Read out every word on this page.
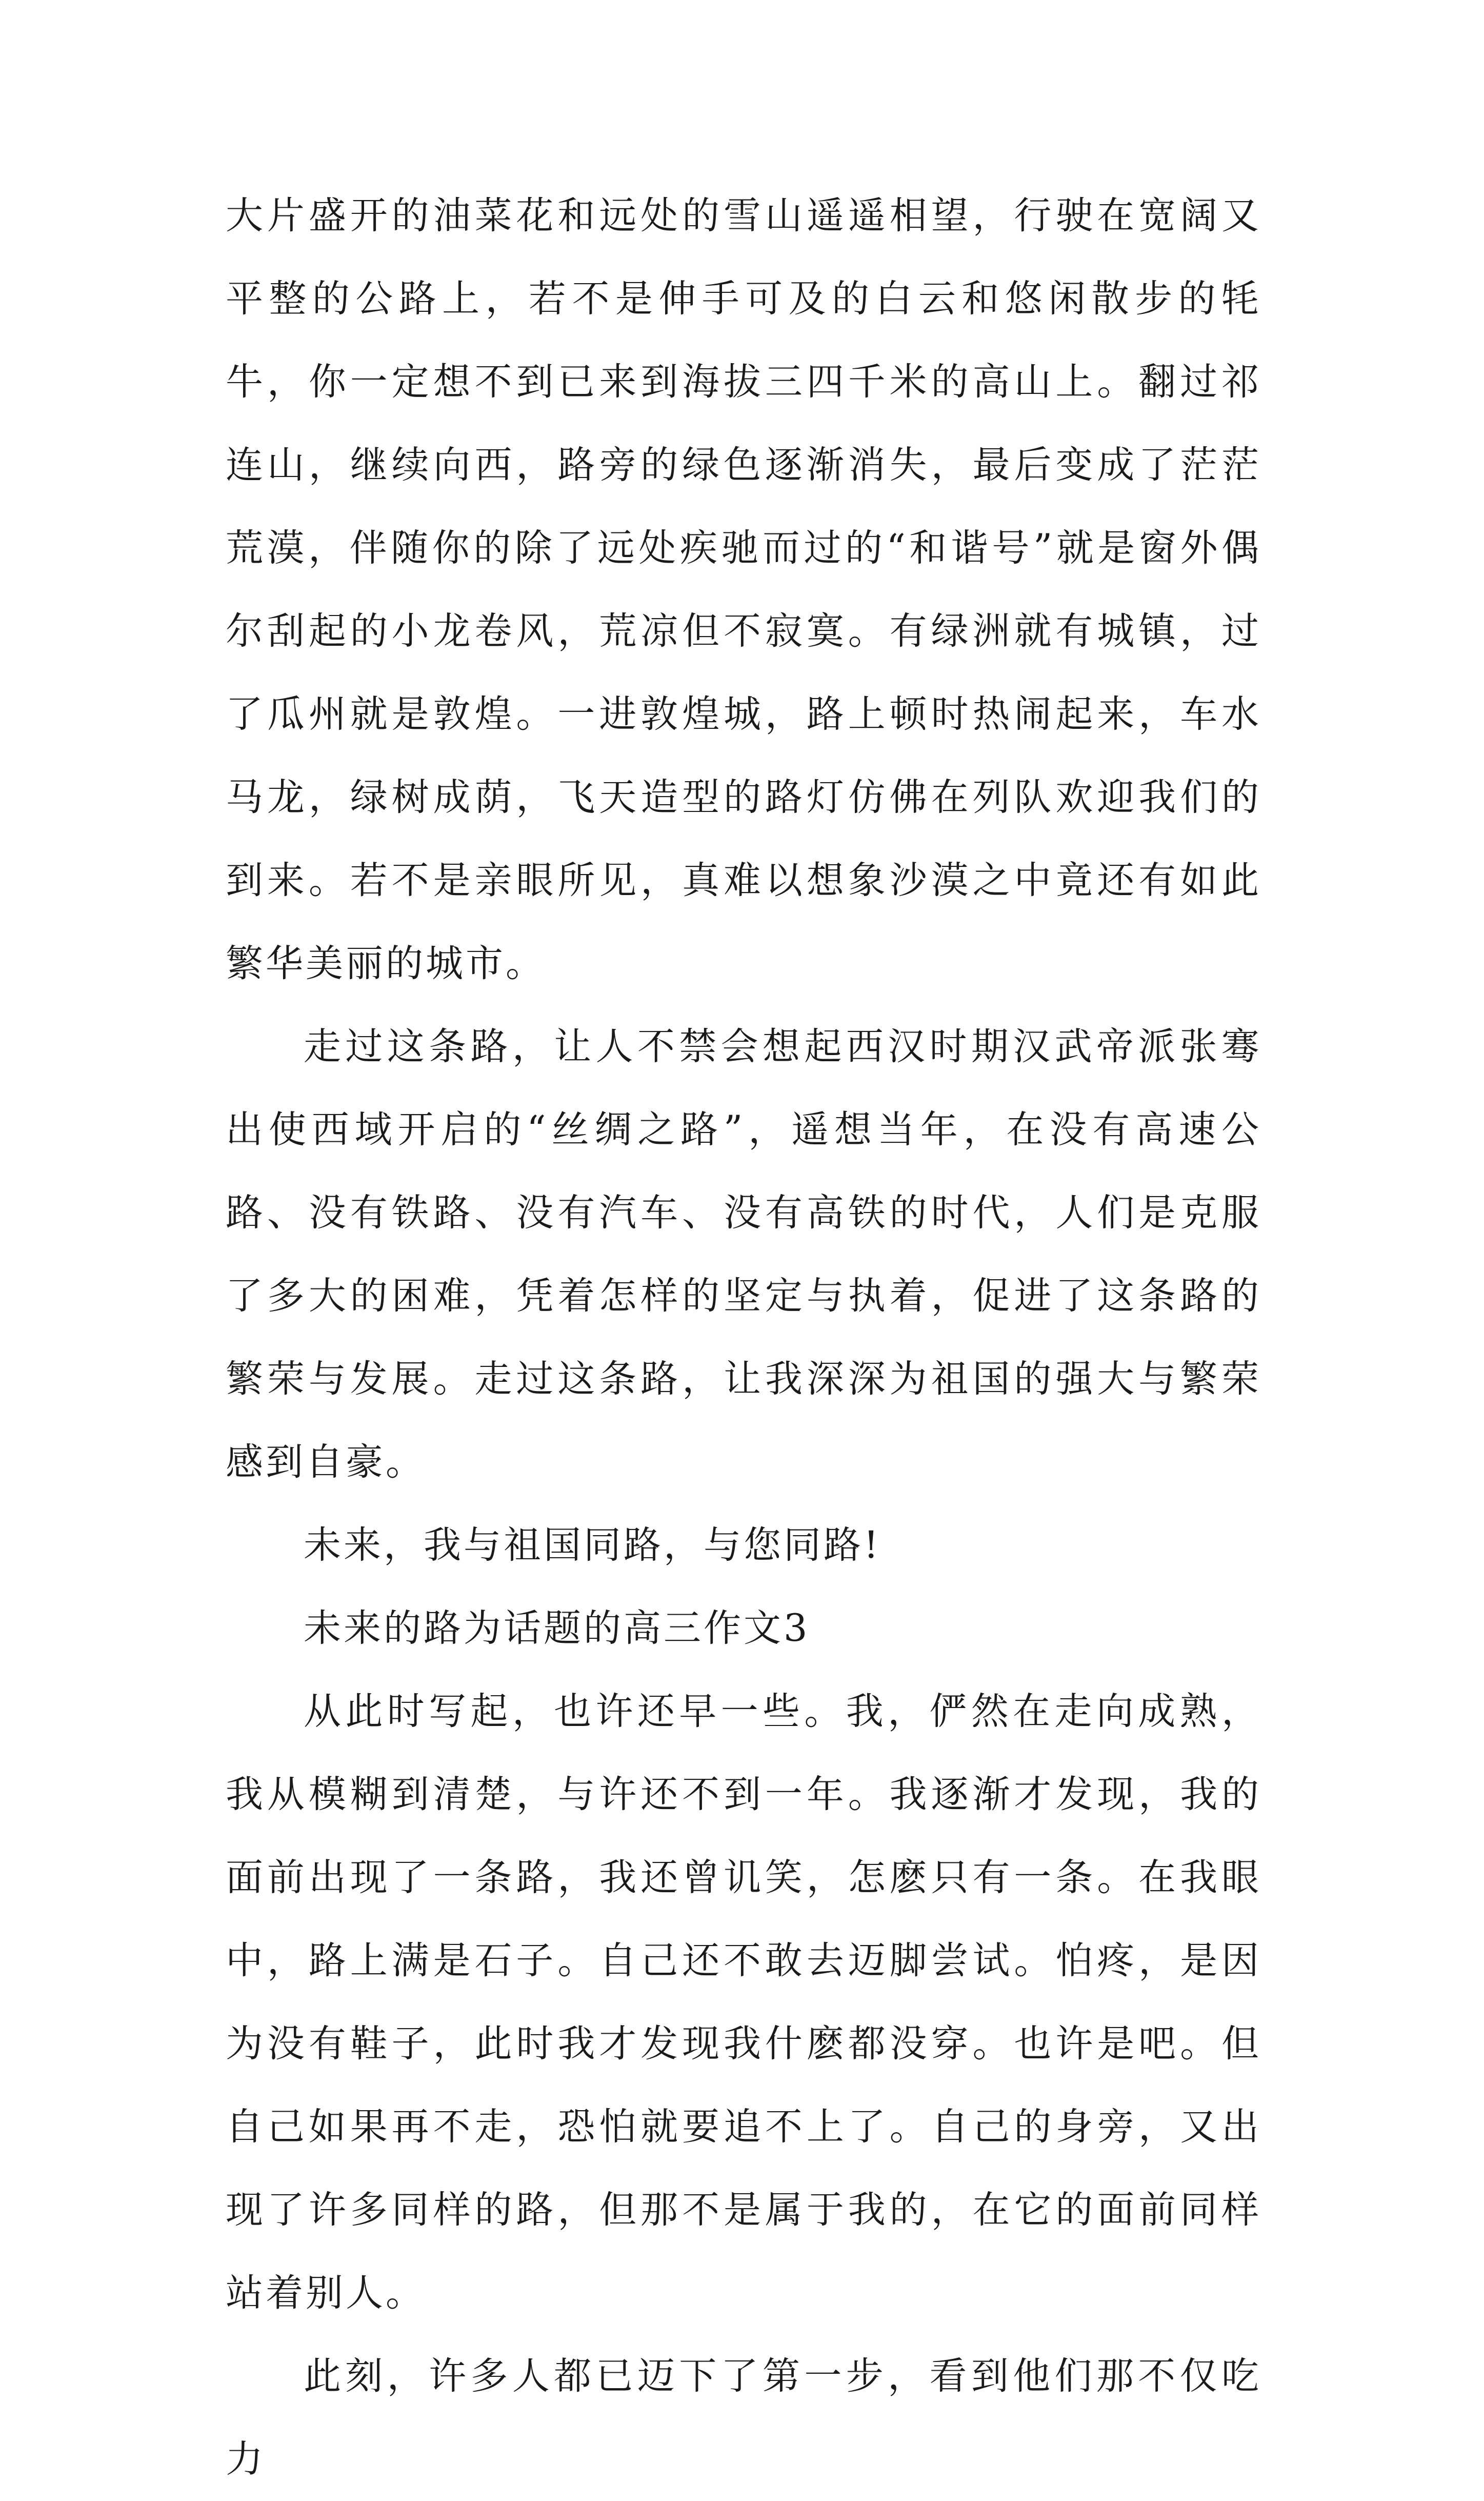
大片盛开的油菜花和远处的雪山遥遥相望，行驶在宽阔又平整的公路上，若不是伸手可及的白云和悠闲散步的牦牛，你一定想不到已来到海拔三四千米的高山上。翻过祁连山，继续向西，路旁的绿色逐渐消失，最后变成了茫茫荒漠，伴随你的除了远处疾驰而过的“和谐号”就是窗外偶尔刮起的小龙卷风，荒凉但不寂寞。有绿洲就有城镇，过了瓜州就是敦煌。一进敦煌城，路上顿时热闹起来，车水马龙，绿树成荫，飞天造型的路灯仿佛在列队欢迎我们的到来。若不是亲眼所见，真难以想象沙漠之中竟还有如此繁华美丽的城市。

走过这条路，让人不禁会想起西汉时期汉武帝派张骞出使西域开启的“丝绸之路”，遥想当年，在没有高速公路、没有铁路、没有汽车、没有高铁的时代，人们是克服了多大的困难，凭着怎样的坚定与执着，促进了这条路的繁荣与发展。走过这条路，让我深深为祖国的强大与繁荣感到自豪。

未来，我与祖国同路，与您同路!

未来的路为话题的高三作文3

从此时写起，也许还早一些。我，俨然在走向成熟，我从模糊到清楚，与许还不到一年。我逐渐才发现，我的面前出现了一条路，我还曾讥笑，怎麽只有一条。在我眼中，路上满是石子。自己还不敢去迈脚尝试。怕疼，是因为没有鞋子，此时我才发现我什麽都没穿。也许是吧。但自己如果再不走，恐怕就要追不上了。自己的身旁，又出现了许多同样的路，但那不是属于我的，在它的面前同样站着别人。

此刻，许多人都已迈下了第一步，看到他们那不仅吃力
